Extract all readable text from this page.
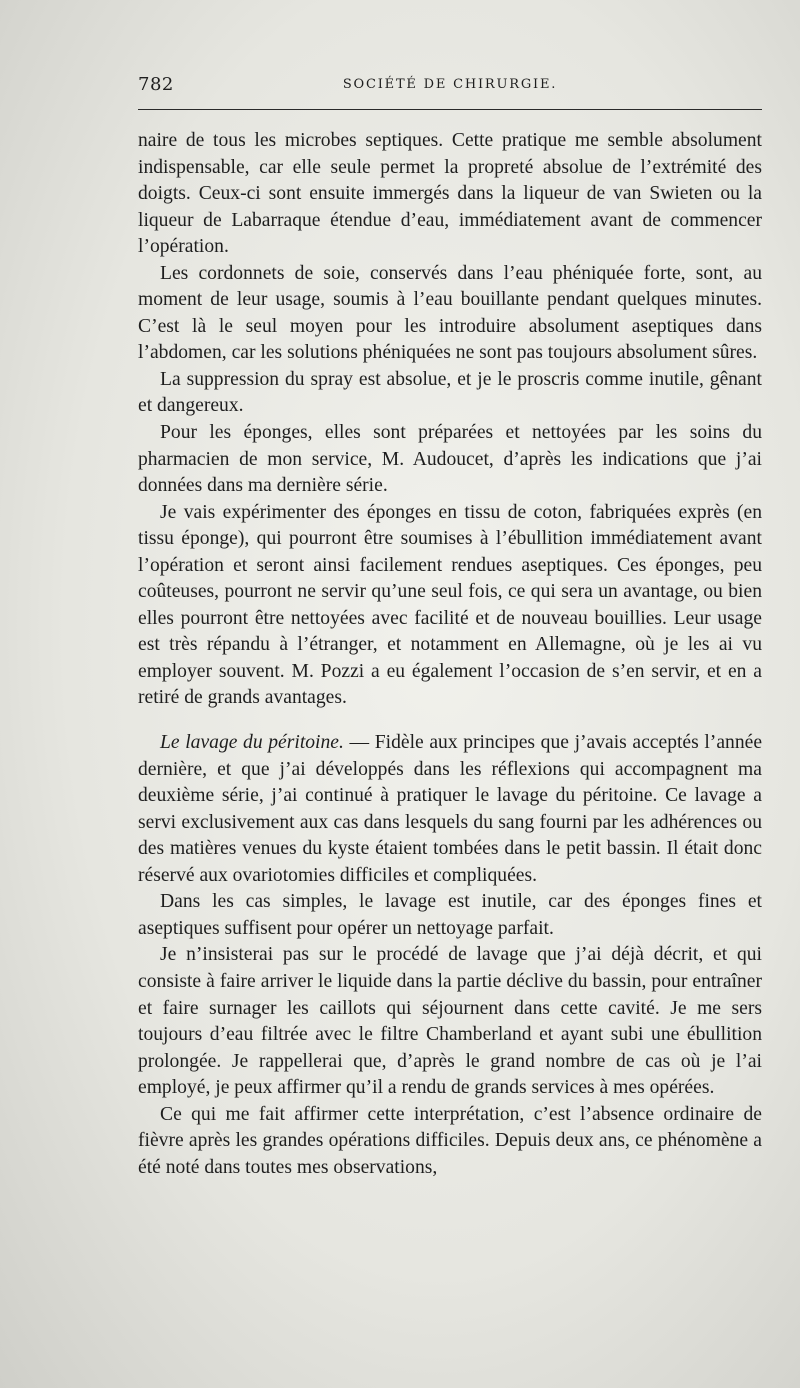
782	SOCIÉTÉ DE CHIRURGIE.

naire de tous les microbes septiques. Cette pratique me semble absolument indispensable, car elle seule permet la propreté absolue de l’extrémité des doigts. Ceux-ci sont ensuite immergés dans la liqueur de van Swieten ou la liqueur de Labarraque étendue d’eau, immédiatement avant de commencer l’opération.

Les cordonnets de soie, conservés dans l’eau phéniquée forte, sont, au moment de leur usage, soumis à l’eau bouillante pendant quelques minutes. C’est là le seul moyen pour les introduire absolument aseptiques dans l’abdomen, car les solutions phéniquées ne sont pas toujours absolument sûres.

La suppression du spray est absolue, et je le proscris comme inutile, gênant et dangereux.

Pour les éponges, elles sont préparées et nettoyées par les soins du pharmacien de mon service, M. Audoucet, d’après les indications que j’ai données dans ma dernière série.

Je vais expérimenter des éponges en tissu de coton, fabriquées exprès (en tissu éponge), qui pourront être soumises à l’ébullition immédiatement avant l’opération et seront ainsi facilement rendues aseptiques. Ces éponges, peu coûteuses, pourront ne servir qu’une seul fois, ce qui sera un avantage, ou bien elles pourront être nettoyées avec facilité et de nouveau bouillies. Leur usage est très répandu à l’étranger, et notamment en Allemagne, où je les ai vu employer souvent. M. Pozzi a eu également l’occasion de s’en servir, et en a retiré de grands avantages.

Le lavage du péritoine. — Fidèle aux principes que j’avais acceptés l’année dernière, et que j’ai développés dans les réflexions qui accompagnent ma deuxième série, j’ai continué à pratiquer le lavage du péritoine. Ce lavage a servi exclusivement aux cas dans lesquels du sang fourni par les adhérences ou des matières venues du kyste étaient tombées dans le petit bassin. Il était donc réservé aux ovariotomies difficiles et compliquées.

Dans les cas simples, le lavage est inutile, car des éponges fines et aseptiques suffisent pour opérer un nettoyage parfait.

Je n’insisterai pas sur le procédé de lavage que j’ai déjà décrit, et qui consiste à faire arriver le liquide dans la partie déclive du bassin, pour entraîner et faire surnager les caillots qui séjournent dans cette cavité. Je me sers toujours d’eau filtrée avec le filtre Chamberland et ayant subi une ébullition prolongée. Je rappellerai que, d’après le grand nombre de cas où je l’ai employé, je peux affirmer qu’il a rendu de grands services à mes opérées.

Ce qui me fait affirmer cette interprétation, c’est l’absence ordinaire de fièvre après les grandes opérations difficiles. Depuis deux ans, ce phénomène a été noté dans toutes mes observations,
